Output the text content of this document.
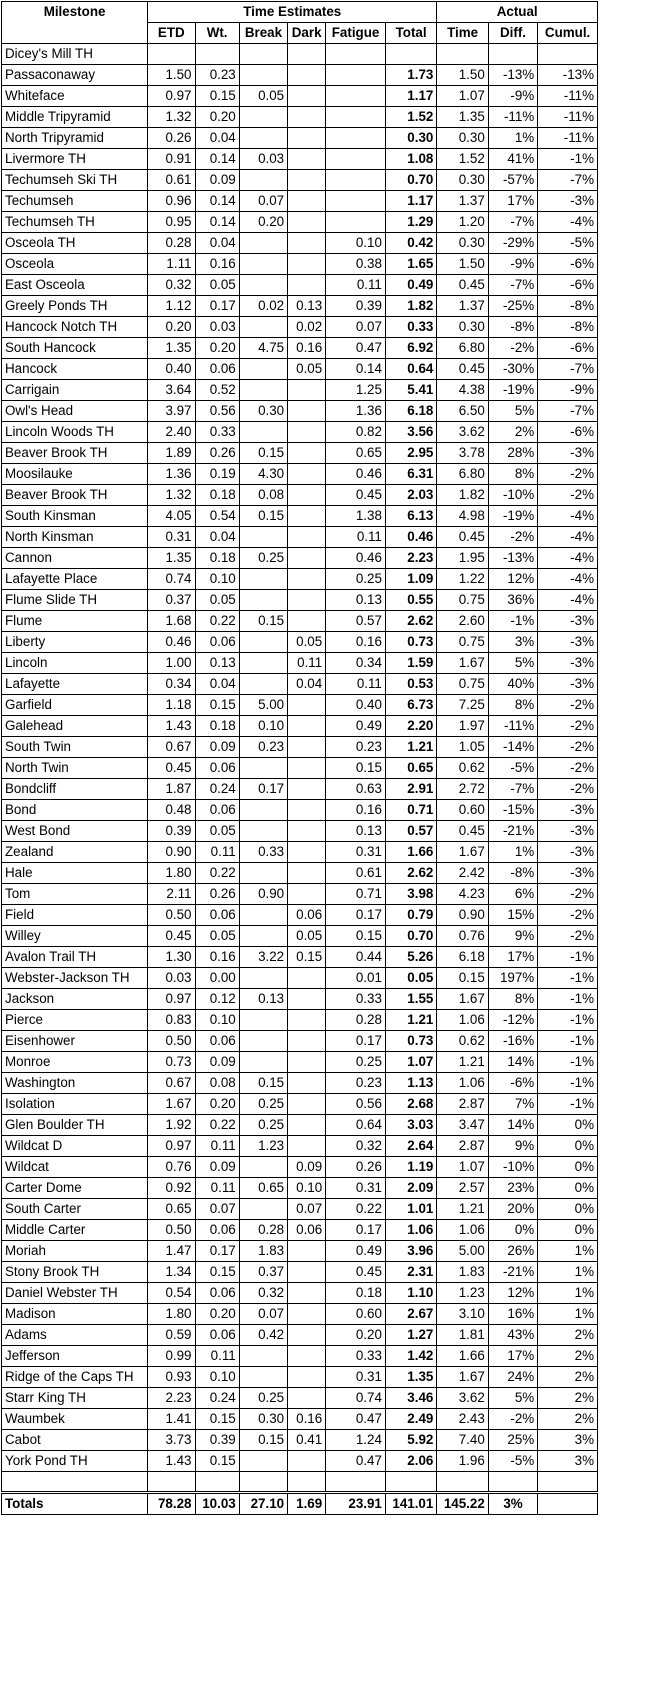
Milestone	Time Estimates						Actual		
	ETD	Wt.	Break	Dark	Fatigue	Total	Time	Diff.	Cumul.
Dicey's Mill TH									
Passaconaway	1.50	0.23				1.73	1.50	-13%	-13%
Whiteface	0.97	0.15	0.05			1.17	1.07	-9%	-11%
Middle Tripyramid	1.32	0.20				1.52	1.35	-11%	-11%
North Tripyramid	0.26	0.04				0.30	0.30	1%	-11%
Livermore TH	0.91	0.14	0.03			1.08	1.52	41%	-1%
Techumseh Ski TH	0.61	0.09				0.70	0.30	-57%	-7%
Techumseh	0.96	0.14	0.07			1.17	1.37	17%	-3%
Techumseh TH	0.95	0.14	0.20			1.29	1.20	-7%	-4%
Osceola TH	0.28	0.04			0.10	0.42	0.30	-29%	-5%
Osceola	1.11	0.16			0.38	1.65	1.50	-9%	-6%
East Osceola	0.32	0.05			0.11	0.49	0.45	-7%	-6%
Greely Ponds TH	1.12	0.17	0.02	0.13	0.39	1.82	1.37	-25%	-8%
Hancock Notch TH	0.20	0.03		0.02	0.07	0.33	0.30	-8%	-8%
South Hancock	1.35	0.20	4.75	0.16	0.47	6.92	6.80	-2%	-6%
Hancock	0.40	0.06		0.05	0.14	0.64	0.45	-30%	-7%
Carrigain	3.64	0.52			1.25	5.41	4.38	-19%	-9%
Owl's Head	3.97	0.56	0.30		1.36	6.18	6.50	5%	-7%
Lincoln Woods TH	2.40	0.33			0.82	3.56	3.62	2%	-6%
Beaver Brook TH	1.89	0.26	0.15		0.65	2.95	3.78	28%	-3%
Moosilauke	1.36	0.19	4.30		0.46	6.31	6.80	8%	-2%
Beaver Brook TH	1.32	0.18	0.08		0.45	2.03	1.82	-10%	-2%
South Kinsman	4.05	0.54	0.15		1.38	6.13	4.98	-19%	-4%
North Kinsman	0.31	0.04			0.11	0.46	0.45	-2%	-4%
Cannon	1.35	0.18	0.25		0.46	2.23	1.95	-13%	-4%
Lafayette Place	0.74	0.10			0.25	1.09	1.22	12%	-4%
Flume Slide TH	0.37	0.05			0.13	0.55	0.75	36%	-4%
Flume	1.68	0.22	0.15		0.57	2.62	2.60	-1%	-3%
Liberty	0.46	0.06		0.05	0.16	0.73	0.75	3%	-3%
Lincoln	1.00	0.13		0.11	0.34	1.59	1.67	5%	-3%
Lafayette	0.34	0.04		0.04	0.11	0.53	0.75	40%	-3%
Garfield	1.18	0.15	5.00		0.40	6.73	7.25	8%	-2%
Galehead	1.43	0.18	0.10		0.49	2.20	1.97	-11%	-2%
South Twin	0.67	0.09	0.23		0.23	1.21	1.05	-14%	-2%
North Twin	0.45	0.06			0.15	0.65	0.62	-5%	-2%
Bondcliff	1.87	0.24	0.17		0.63	2.91	2.72	-7%	-2%
Bond	0.48	0.06			0.16	0.71	0.60	-15%	-3%
West Bond	0.39	0.05			0.13	0.57	0.45	-21%	-3%
Zealand	0.90	0.11	0.33		0.31	1.66	1.67	1%	-3%
Hale	1.80	0.22			0.61	2.62	2.42	-8%	-3%
Tom	2.11	0.26	0.90		0.71	3.98	4.23	6%	-2%
Field	0.50	0.06		0.06	0.17	0.79	0.90	15%	-2%
Willey	0.45	0.05		0.05	0.15	0.70	0.76	9%	-2%
Avalon Trail TH	1.30	0.16	3.22	0.15	0.44	5.26	6.18	17%	-1%
Webster-Jackson TH	0.03	0.00			0.01	0.05	0.15	197%	-1%
Jackson	0.97	0.12	0.13		0.33	1.55	1.67	8%	-1%
Pierce	0.83	0.10			0.28	1.21	1.06	-12%	-1%
Eisenhower	0.50	0.06			0.17	0.73	0.62	-16%	-1%
Monroe	0.73	0.09			0.25	1.07	1.21	14%	-1%
Washington	0.67	0.08	0.15		0.23	1.13	1.06	-6%	-1%
Isolation	1.67	0.20	0.25		0.56	2.68	2.87	7%	-1%
Glen Boulder TH	1.92	0.22	0.25		0.64	3.03	3.47	14%	0%
Wildcat D	0.97	0.11	1.23		0.32	2.64	2.87	9%	0%
Wildcat	0.76	0.09		0.09	0.26	1.19	1.07	-10%	0%
Carter Dome	0.92	0.11	0.65	0.10	0.31	2.09	2.57	23%	0%
South Carter	0.65	0.07		0.07	0.22	1.01	1.21	20%	0%
Middle Carter	0.50	0.06	0.28	0.06	0.17	1.06	1.06	0%	0%
Moriah	1.47	0.17	1.83		0.49	3.96	5.00	26%	1%
Stony Brook TH	1.34	0.15	0.37		0.45	2.31	1.83	-21%	1%
Daniel Webster TH	0.54	0.06	0.32		0.18	1.10	1.23	12%	1%
Madison	1.80	0.20	0.07		0.60	2.67	3.10	16%	1%
Adams	0.59	0.06	0.42		0.20	1.27	1.81	43%	2%
Jefferson	0.99	0.11			0.33	1.42	1.66	17%	2%
Ridge of the Caps TH	0.93	0.10			0.31	1.35	1.67	24%	2%
Starr King TH	2.23	0.24	0.25		0.74	3.46	3.62	5%	2%
Waumbek	1.41	0.15	0.30	0.16	0.47	2.49	2.43	-2%	2%
Cabot	3.73	0.39	0.15	0.41	1.24	5.92	7.40	25%	3%
York Pond TH	1.43	0.15			0.47	2.06	1.96	-5%	3%

Totals	78.28	10.03	27.10	1.69	23.91	141.01	145.22	3%	
